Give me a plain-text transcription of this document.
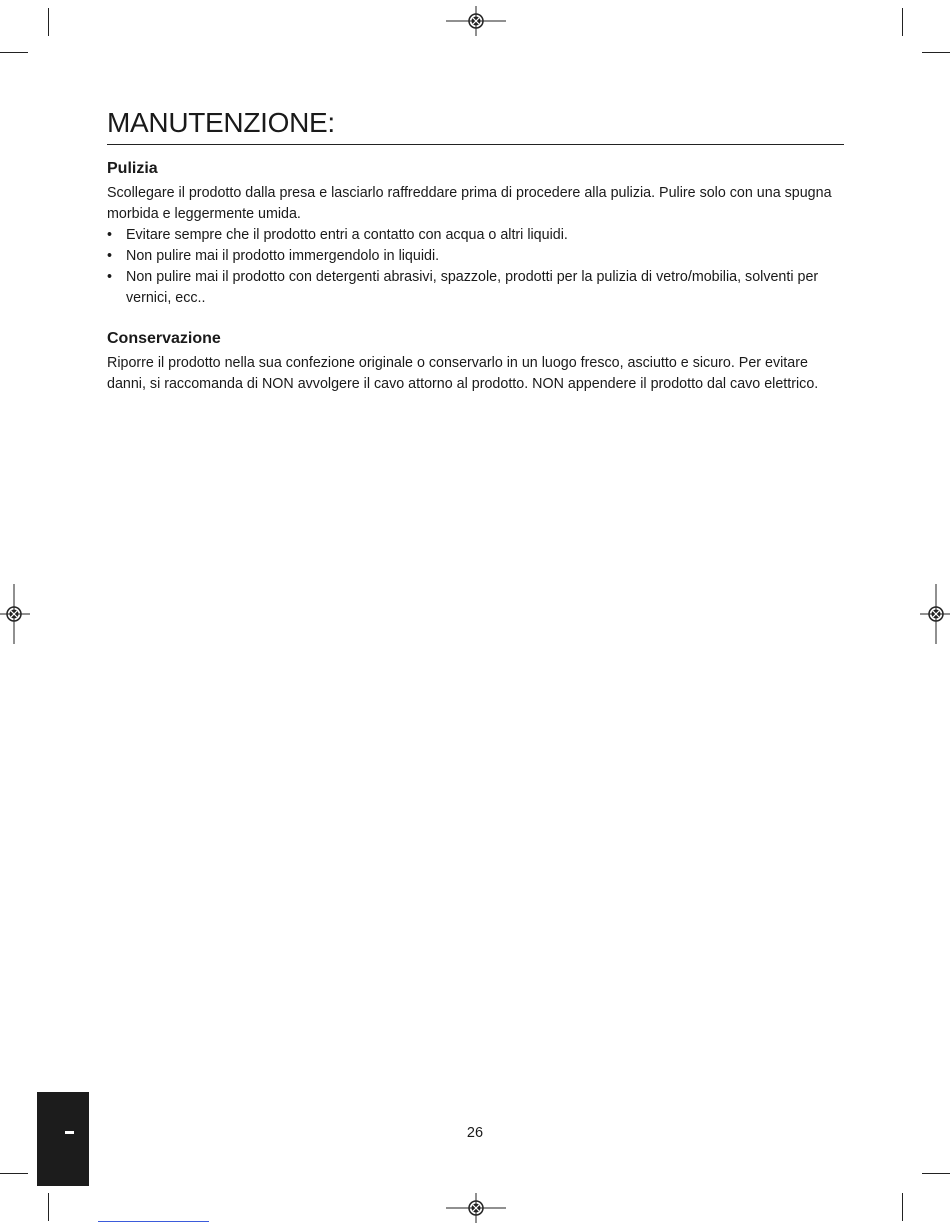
MANUTENZIONE:
Pulizia

Scollegare il prodotto dalla presa e lasciarlo raffreddare prima di procedere alla pulizia. Pulire solo con una spugna morbida e leggermente umida.

• Evitare sempre che il prodotto entri a contatto con acqua o altri liquidi.
• Non pulire mai il prodotto immergendolo in liquidi.
• Non pulire mai il prodotto con detergenti abrasivi, spazzole, prodotti per la pulizia di vetro/mobilia, solventi per vernici, ecc..
Conservazione

Riporre il prodotto nella sua confezione originale o conservarlo in un luogo fresco, asciutto e sicuro. Per evitare danni, si raccomanda di NON avvolgere il cavo attorno al prodotto. NON appendere il prodotto dal cavo elettrico.

26
